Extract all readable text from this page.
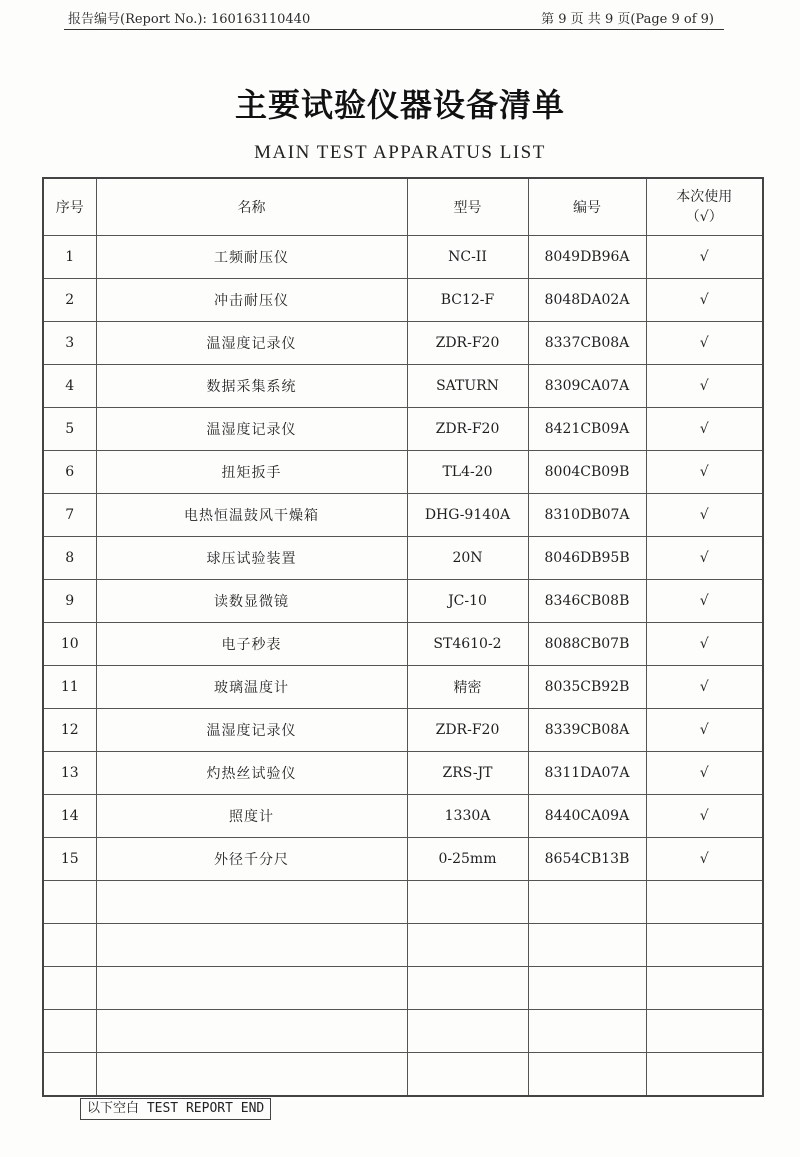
报告编号(Report No.): 160163110440	第 9 页 共 9 页(Page 9 of 9)
主要试验仪器设备清单
MAIN TEST APPARATUS LIST
序号	名称	型号	编号	本次使用
（√）
1	工频耐压仪	NC-II	8049DB96A	√
2	冲击耐压仪	BC12-F	8048DA02A	√
3	温湿度记录仪	ZDR-F20	8337CB08A	√
4	数据采集系统	SATURN	8309CA07A	√
5	温湿度记录仪	ZDR-F20	8421CB09A	√
6	扭矩扳手	TL4-20	8004CB09B	√
7	电热恒温鼓风干燥箱	DHG-9140A	8310DB07A	√
8	球压试验装置	20N	8046DB95B	√
9	读数显微镜	JC-10	8346CB08B	√
10	电子秒表	ST4610-2	8088CB07B	√
11	玻璃温度计	精密	8035CB92B	√
12	温湿度记录仪	ZDR-F20	8339CB08A	√
13	灼热丝试验仪	ZRS-JT	8311DA07A	√
14	照度计	1330A	8440CA09A	√
15	外径千分尺	0-25mm	8654CB13B	√

以下空白 TEST REPORT END
